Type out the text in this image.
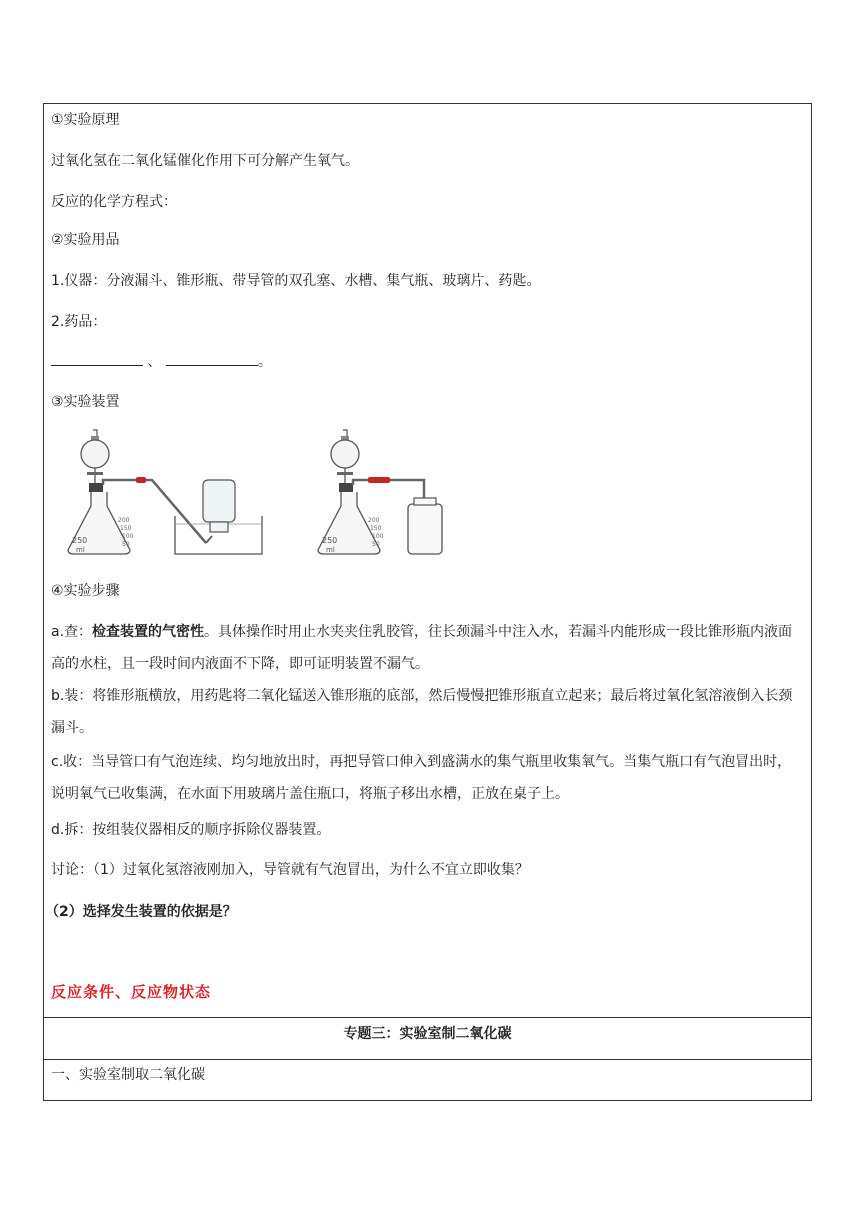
①实验原理
过氧化氢在二氧化锰催化作用下可分解产生氧气。
反应的化学方程式：
②实验用品
1.仪器：分液漏斗、锥形瓶、带导管的双孔塞、水槽、集气瓶、玻璃片、药匙。
2.药品：
、	。
③实验装置
200
150
100
50
250
ml
200
150
100
50
250
ml
④实验步骤
a.查：检查装置的气密性。具体操作时用止水夹夹住乳胶管，往长颈漏斗中注入水，若漏斗内能形成一段比锥形瓶内液面高的水柱，且一段时间内液面不下降，即可证明装置不漏气。
b.装：将锥形瓶横放，用药匙将二氧化锰送入锥形瓶的底部，然后慢慢把锥形瓶直立起来；最后将过氧化氢溶液倒入长颈漏斗。
c.收：当导管口有气泡连续、均匀地放出时，再把导管口伸入到盛满水的集气瓶里收集氧气。当集气瓶口有气泡冒出时，说明氧气已收集满，在水面下用玻璃片盖住瓶口，将瓶子移出水槽，正放在桌子上。
d.拆：按组装仪器相反的顺序拆除仪器装置。
讨论：（1）过氧化氢溶液刚加入，导管就有气泡冒出，为什么不宜立即收集？
（2）选择发生装置的依据是？
反应条件、反应物状态
专题三：实验室制二氧化碳
一、实验室制取二氧化碳
